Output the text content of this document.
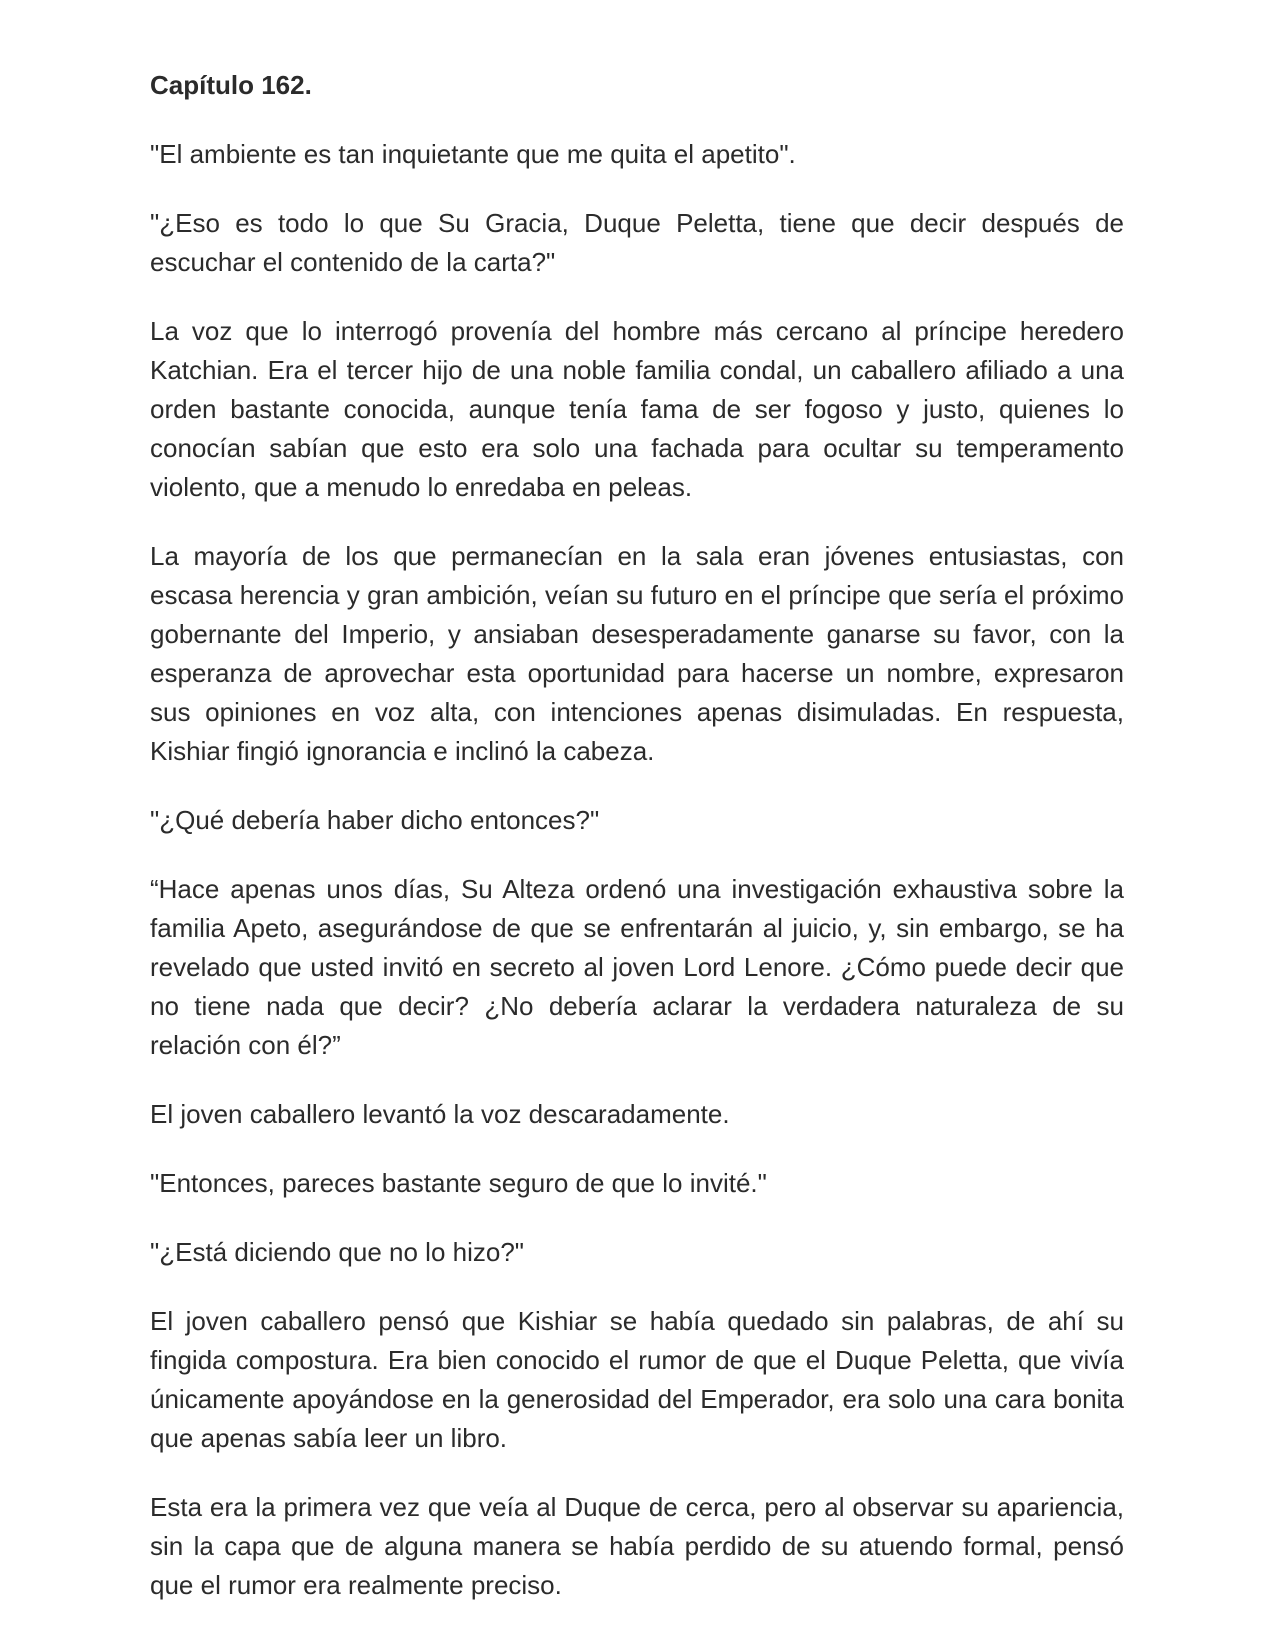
Capítulo 162.

"El ambiente es tan inquietante que me quita el apetito".

"¿Eso es todo lo que Su Gracia, Duque Peletta, tiene que decir después de escuchar el contenido de la carta?"

La voz que lo interrogó provenía del hombre más cercano al príncipe heredero Katchian. Era el tercer hijo de una noble familia condal, un caballero afiliado a una orden bastante conocida, aunque tenía fama de ser fogoso y justo, quienes lo conocían sabían que esto era solo una fachada para ocultar su temperamento violento, que a menudo lo enredaba en peleas.

La mayoría de los que permanecían en la sala eran jóvenes entusiastas, con escasa herencia y gran ambición, veían su futuro en el príncipe que sería el próximo gobernante del Imperio, y ansiaban desesperadamente ganarse su favor, con la esperanza de aprovechar esta oportunidad para hacerse un nombre, expresaron sus opiniones en voz alta, con intenciones apenas disimuladas. En respuesta, Kishiar fingió ignorancia e inclinó la cabeza.

"¿Qué debería haber dicho entonces?"

“Hace apenas unos días, Su Alteza ordenó una investigación exhaustiva sobre la familia Apeto, asegurándose de que se enfrentarán al juicio, y, sin embargo, se ha revelado que usted invitó en secreto al joven Lord Lenore. ¿Cómo puede decir que no tiene nada que decir? ¿No debería aclarar la verdadera naturaleza de su relación con él?”

El joven caballero levantó la voz descaradamente.

"Entonces, pareces bastante seguro de que lo invité."

"¿Está diciendo que no lo hizo?"

El joven caballero pensó que Kishiar se había quedado sin palabras, de ahí su fingida compostura. Era bien conocido el rumor de que el Duque Peletta, que vivía únicamente apoyándose en la generosidad del Emperador, era solo una cara bonita que apenas sabía leer un libro.

Esta era la primera vez que veía al Duque de cerca, pero al observar su apariencia, sin la capa que de alguna manera se había perdido de su atuendo formal, pensó que el rumor era realmente preciso.
